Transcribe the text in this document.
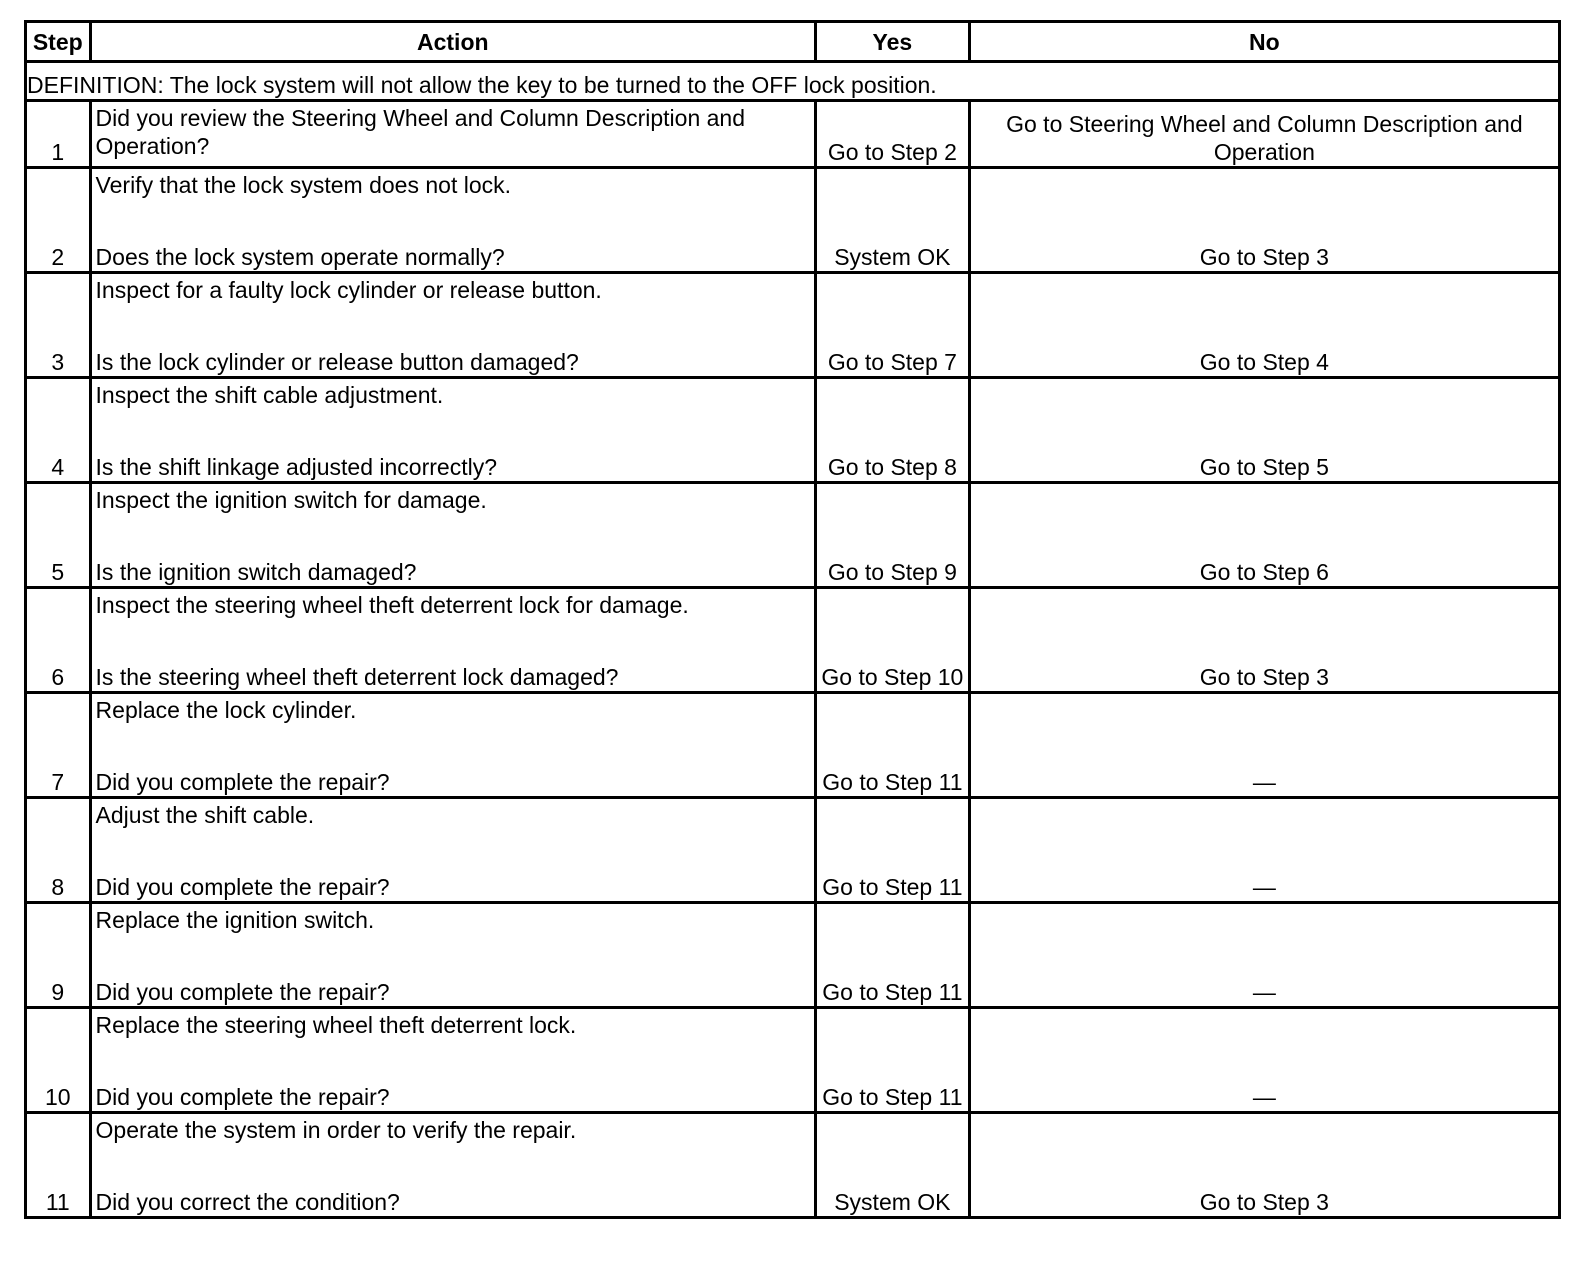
Step	Action	Yes	No
DEFINITION: The lock system will not allow the key to be turned to the OFF lock position.			
1	Did you review the Steering Wheel and Column Description and Operation?	Go to Step 2	Go to Steering Wheel and Column Description and Operation
2	Verify that the lock system does not lock.
Does the lock system operate normally?	System OK	Go to Step 3
3	Inspect for a faulty lock cylinder or release button.
Is the lock cylinder or release button damaged?	Go to Step 7	Go to Step 4
4	Inspect the shift cable adjustment.
Is the shift linkage adjusted incorrectly?	Go to Step 8	Go to Step 5
5	Inspect the ignition switch for damage.
Is the ignition switch damaged?	Go to Step 9	Go to Step 6
6	Inspect the steering wheel theft deterrent lock for damage.
Is the steering wheel theft deterrent lock damaged?	Go to Step 10	Go to Step 3
7	Replace the lock cylinder.
Did you complete the repair?	Go to Step 11	—
8	Adjust the shift cable.
Did you complete the repair?	Go to Step 11	—
9	Replace the ignition switch.
Did you complete the repair?	Go to Step 11	—
10	Replace the steering wheel theft deterrent lock.
Did you complete the repair?	Go to Step 11	—
11	Operate the system in order to verify the repair.
Did you correct the condition?	System OK	Go to Step 3
